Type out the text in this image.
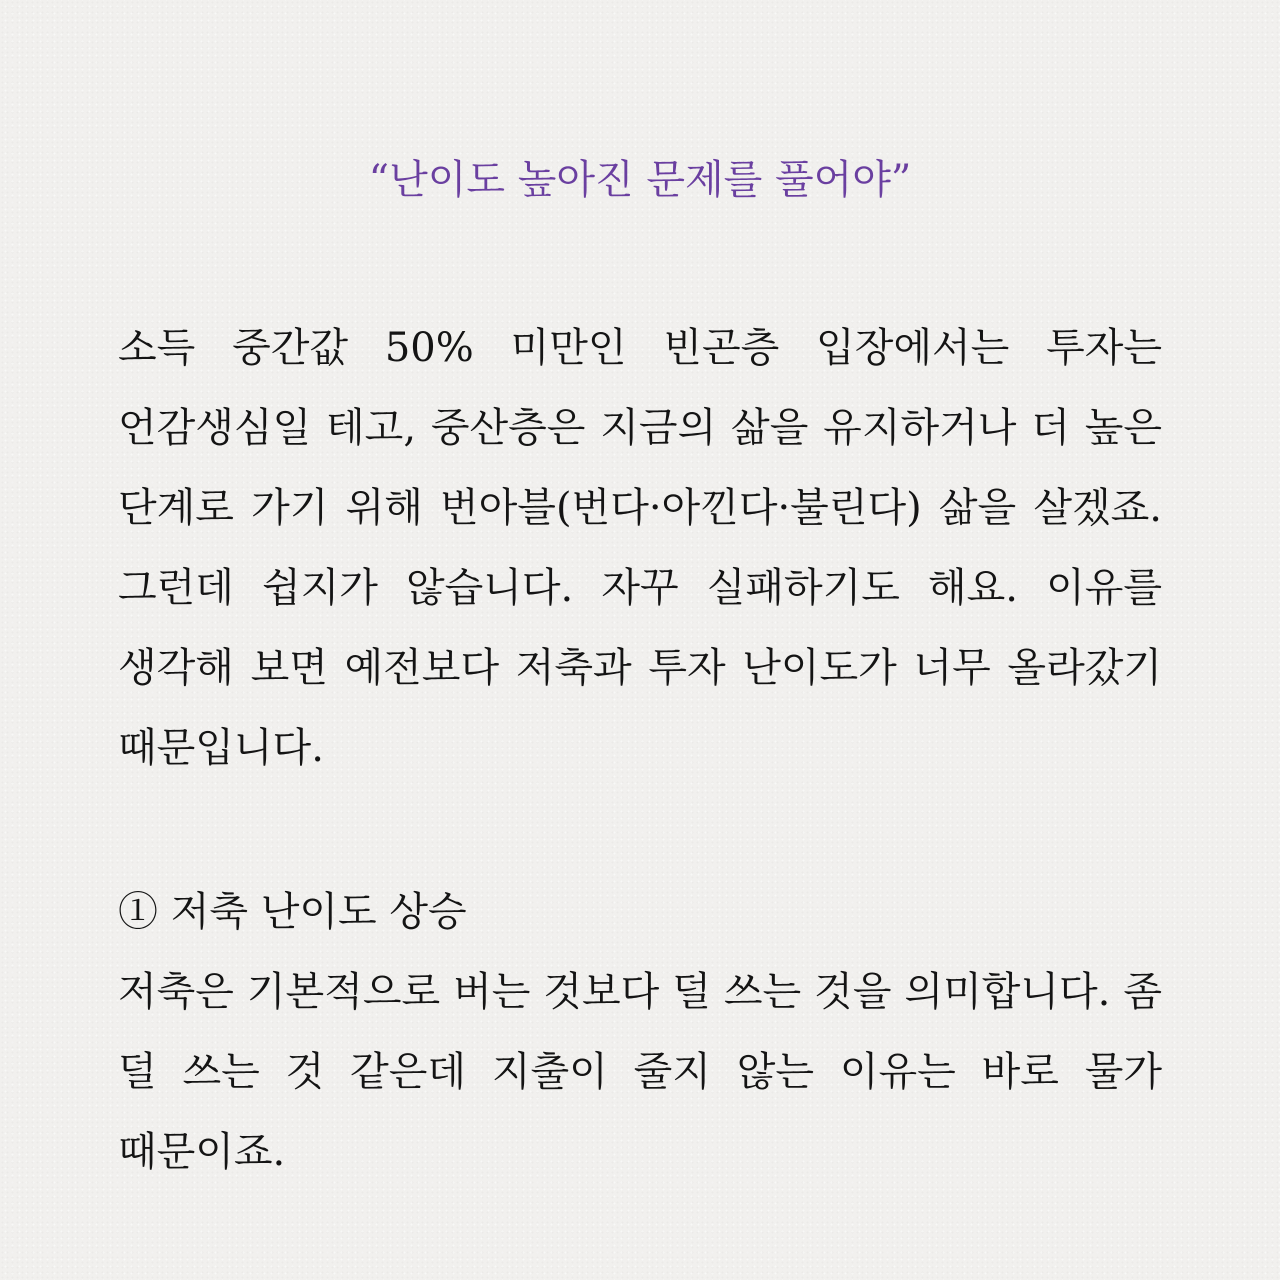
“난이도 높아진 문제를 풀어야”

소득 중간값 50% 미만인 빈곤층 입장에서는 투자는 언감생심일 테고, 중산층은 지금의 삶을 유지하거나 더 높은 단계로 가기 위해 번아블(번다·아낀다·불린다) 삶을 살겠죠. 그런데 쉽지가 않습니다. 자꾸 실패하기도 해요. 이유를 생각해 보면 예전보다 저축과 투자 난이도가 너무 올라갔기 때문입니다.

① 저축 난이도 상승

저축은 기본적으로 버는 것보다 덜 쓰는 것을 의미합니다. 좀 덜 쓰는 것 같은데 지출이 줄지 않는 이유는 바로 물가 때문이죠.
